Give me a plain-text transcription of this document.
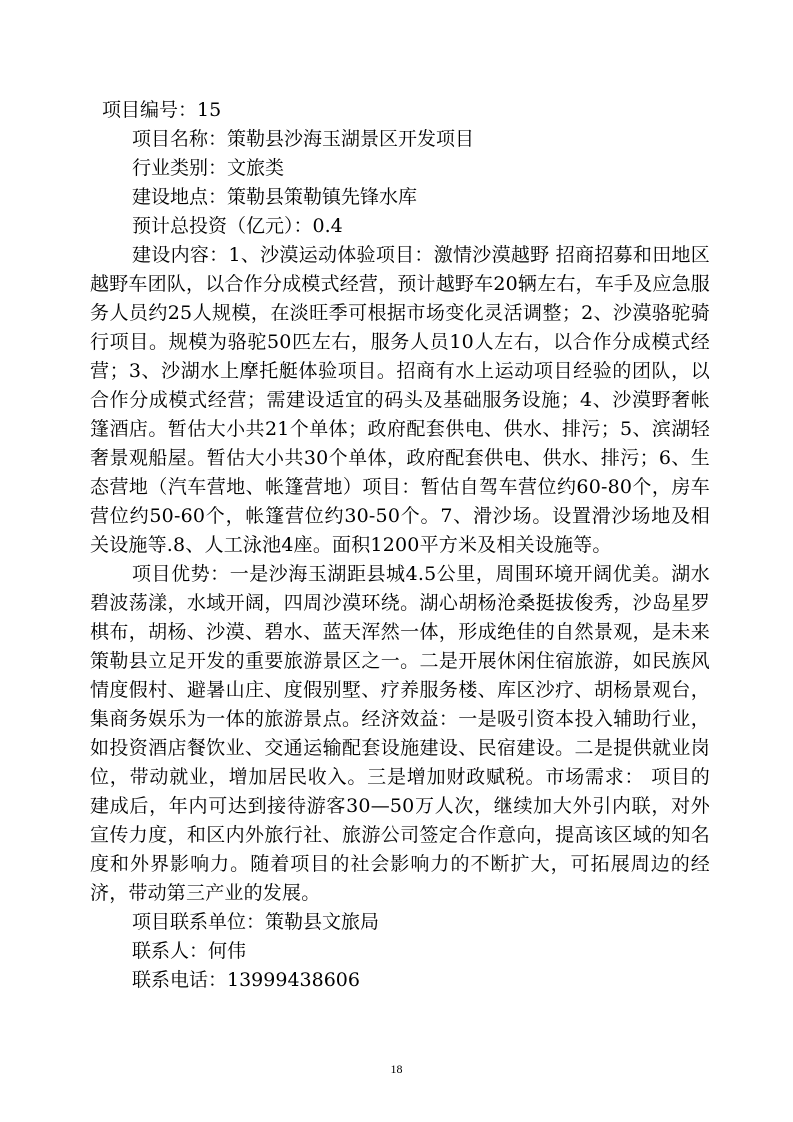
项目编号：15

项目名称：策勒县沙海玉湖景区开发项目

行业类别：文旅类

建设地点：策勒县策勒镇先锋水库

预计总投资（亿元）：0.4

建设内容：1、沙漠运动体验项目：激情沙漠越野 招商招募和田地区越野车团队，以合作分成模式经营，预计越野车20辆左右，车手及应急服务人员约25人规模，在淡旺季可根据市场变化灵活调整；2、沙漠骆驼骑行项目。规模为骆驼50匹左右，服务人员10人左右，以合作分成模式经营；3、沙湖水上摩托艇体验项目。招商有水上运动项目经验的团队，以合作分成模式经营；需建设适宜的码头及基础服务设施；4、沙漠野奢帐篷酒店。暂估大小共21个单体；政府配套供电、供水、排污；5、滨湖轻奢景观船屋。暂估大小共30个单体，政府配套供电、供水、排污；6、生态营地（汽车营地、帐篷营地）项目：暂估自驾车营位约60-80个，房车营位约50-60个，帐篷营位约30-50个。7、滑沙场。设置滑沙场地及相关设施等.8、人工泳池4座。面积1200平方米及相关设施等。

项目优势：一是沙海玉湖距县城4.5公里，周围环境开阔优美。湖水碧波荡漾，水域开阔，四周沙漠环绕。湖心胡杨沧桑挺拔俊秀，沙岛星罗棋布，胡杨、沙漠、碧水、蓝天浑然一体，形成绝佳的自然景观，是未来策勒县立足开发的重要旅游景区之一。二是开展休闲住宿旅游，如民族风情度假村、避暑山庄、度假别墅、疗养服务楼、库区沙疗、胡杨景观台，集商务娱乐为一体的旅游景点。经济效益：一是吸引资本投入辅助行业，如投资酒店餐饮业、交通运输配套设施建设、民宿建设。二是提供就业岗位，带动就业，增加居民收入。三是增加财政赋税。市场需求： 项目的建成后，年内可达到接待游客30—50万人次，继续加大外引内联，对外宣传力度，和区内外旅行社、旅游公司签定合作意向，提高该区域的知名度和外界影响力。随着项目的社会影响力的不断扩大，可拓展周边的经济，带动第三产业的发展。

项目联系单位：策勒县文旅局

联系人：何伟

联系电话：13999438606

18
